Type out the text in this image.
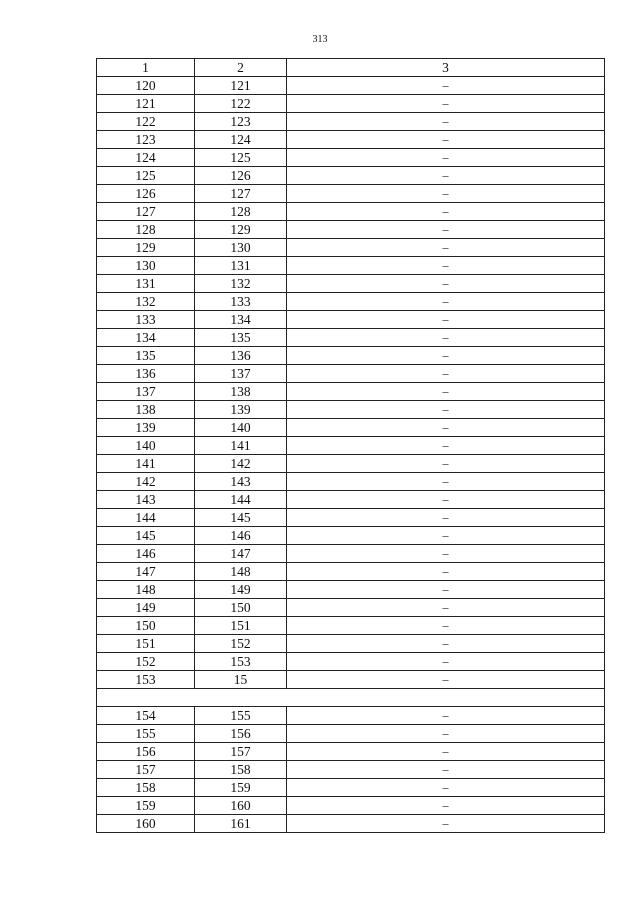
313
1	2	3
120	121	–
121	122	–
122	123	–
123	124	–
124	125	–
125	126	–
126	127	–
127	128	–
128	129	–
129	130	–
130	131	–
131	132	–
132	133	–
133	134	–
134	135	–
135	136	–
136	137	–
137	138	–
138	139	–
139	140	–
140	141	–
141	142	–
142	143	–
143	144	–
144	145	–
145	146	–
146	147	–
147	148	–
148	149	–
149	150	–
150	151	–
151	152	–
152	153	–
153	15	–

154	155	–
155	156	–
156	157	–
157	158	–
158	159	–
159	160	–
160	161	–
